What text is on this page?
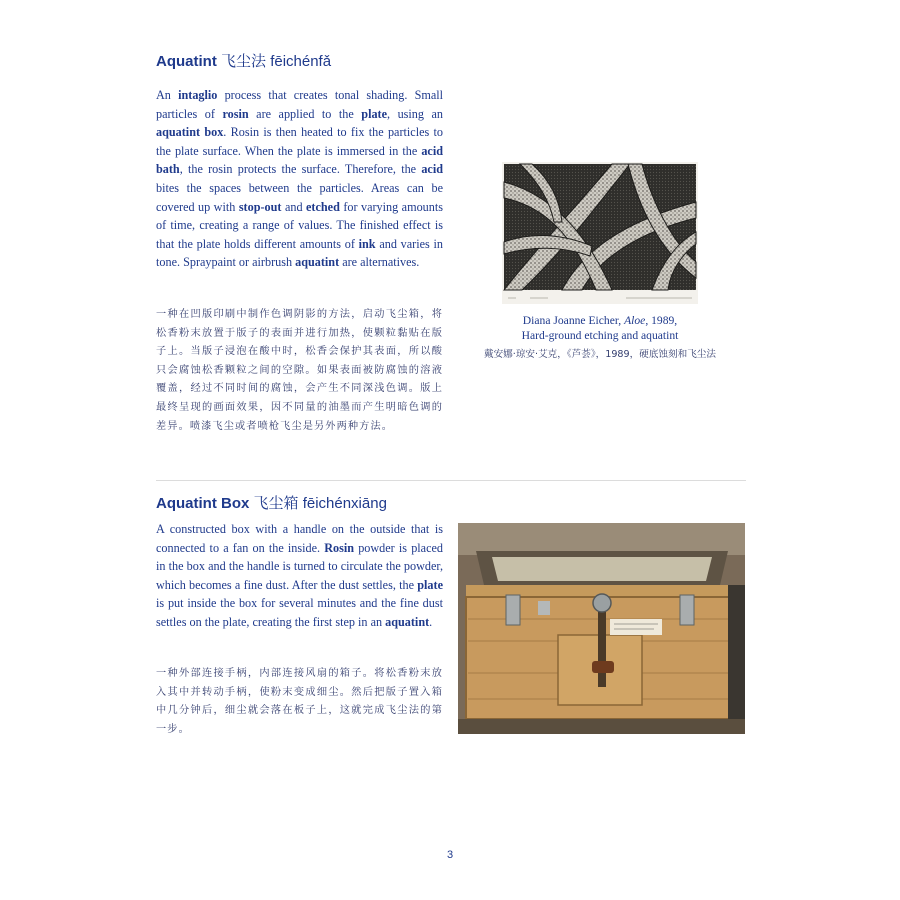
Aquatint 飞尘法 fēichénfǎ
An intaglio process that creates tonal shading. Small particles of rosin are applied to the plate, using an aquatint box. Rosin is then heated to fix the particles to the plate surface. When the plate is immersed in the acid bath, the rosin protects the surface. Therefore, the acid bites the spaces between the particles. Areas can be covered up with stop-out and etched for varying amounts of time, creating a range of values. The finished effect is that the plate holds different amounts of ink and varies in tone. Spraypaint or airbrush aquatint are alternatives.
一种在凹版印刷中制作色调阴影的方法，启动飞尘箱，将松香粉末放置于版子的表面并进行加热，使颗粒黏贴在版子上。当版子浸泡在酸中时，松香会保护其表面，所以酸只会腐蚀松香颗粒之间的空隙。如果表面被防腐蚀的溶液覆盖，经过不同时间的腐蚀，会产生不同深浅色调。版上最终呈现的画面效果，因不同量的油墨而产生明暗色调的差异。喷漆飞尘或者喷枪飞尘是另外两种方法。
Diana Joanne Eicher, Aloe, 1989,
Hard-ground etching and aquatint
戴安娜·琼安·艾克，《芦荟》，1989，硬底蚀刻和飞尘法
Aquatint Box 飞尘箱 fēichénxiāng
A constructed box with a handle on the outside that is connected to a fan on the inside. Rosin powder is placed in the box and the handle is turned to circulate the powder, which becomes a fine dust. After the dust settles, the plate is put inside the box for several minutes and the fine dust settles on the plate, creating the first step in an aquatint.
一种外部连接手柄，内部连接风扇的箱子。将松香粉末放入其中并转动手柄，使粉末变成细尘。然后把版子置入箱中几分钟后，细尘就会落在板子上，这就完成飞尘法的第一步。
3
